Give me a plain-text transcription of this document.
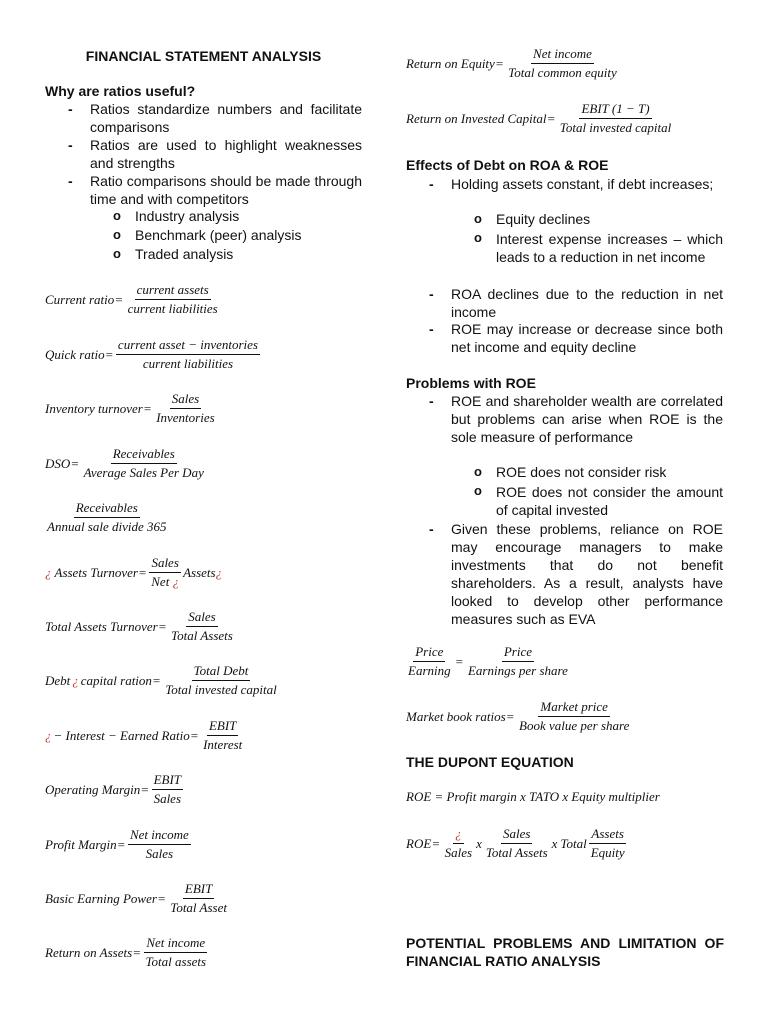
FINANCIAL STATEMENT ANALYSIS
Why are ratios useful?
- Ratios standardize numbers and facilitate comparisons
- Ratios are used to highlight weaknesses and strengths
- Ratio comparisons should be made through time and with competitors
o Industry analysis
o Benchmark (peer) analysis
o Traded analysis
Current ratio = $\frac{\text{current assets}}{\text{current liabilities}}$
Quick ratio = $\frac{\text{current asset − inventories}}{\text{current liabilities}}$
Inventory turnover = $\frac{\text{Sales}}{\text{Inventories}}$
DSO = $\frac{\text{Receivables}}{\text{Average Sales Per Day}}$
$\frac{\text{Receivables}}{\text{Annual sale divide 365}}$
¿ Assets Turnover = $\frac{\text{Sales}}{\text{Net ¿}}$ Assets ¿
Total Assets Turnover = $\frac{\text{Sales}}{\text{Total Assets}}$
Debt ¿ capital ration = $\frac{\text{Total Debt}}{\text{Total invested capital}}$
¿ − Interest − Earned Ratio = $\frac{\text{EBIT}}{\text{Interest}}$
Operating Margin = $\frac{\text{EBIT}}{\text{Sales}}$
Profit Margin = $\frac{\text{Net income}}{\text{Sales}}$
Basic Earning Power = $\frac{\text{EBIT}}{\text{Total Asset}}$
Return on Assets = $\frac{\text{Net income}}{\text{Total assets}}$
Return on Equity = $\frac{\text{Net income}}{\text{Total common equity}}$
Return on Invested Capital = $\frac{\text{EBIT (1 − T)}}{\text{Total invested capital}}$
Effects of Debt on ROA & ROE
- Holding assets constant, if debt increases;
o Equity declines
o Interest expense increases – which leads to a reduction in net income
- ROA declines due to the reduction in net income
- ROE may increase or decrease since both net income and equity decline
Problems with ROE
- ROE and shareholder wealth are correlated but problems can arise when ROE is the sole measure of performance
o ROE does not consider risk
o ROE does not consider the amount of capital invested
- Given these problems, reliance on ROE may encourage managers to make investments that do not benefit shareholders. As a result, analysts have looked to develop other performance measures such as EVA
$\frac{\text{Price}}{\text{Earning}} = \frac{\text{Price}}{\text{Earnings per share}}$
Market book ratios = $\frac{\text{Market price}}{\text{Book value per share}}$
THE DUPONT EQUATION
ROE = Profit margin x TATO x Equity multiplier
ROE = $\frac{¿}{\text{Sales}}$ x $\frac{\text{Sales}}{\text{Total Assets}}$ x Total $\frac{\text{Assets}}{\text{Equity}}$
POTENTIAL PROBLEMS AND LIMITATION OF FINANCIAL RATIO ANALYSIS
